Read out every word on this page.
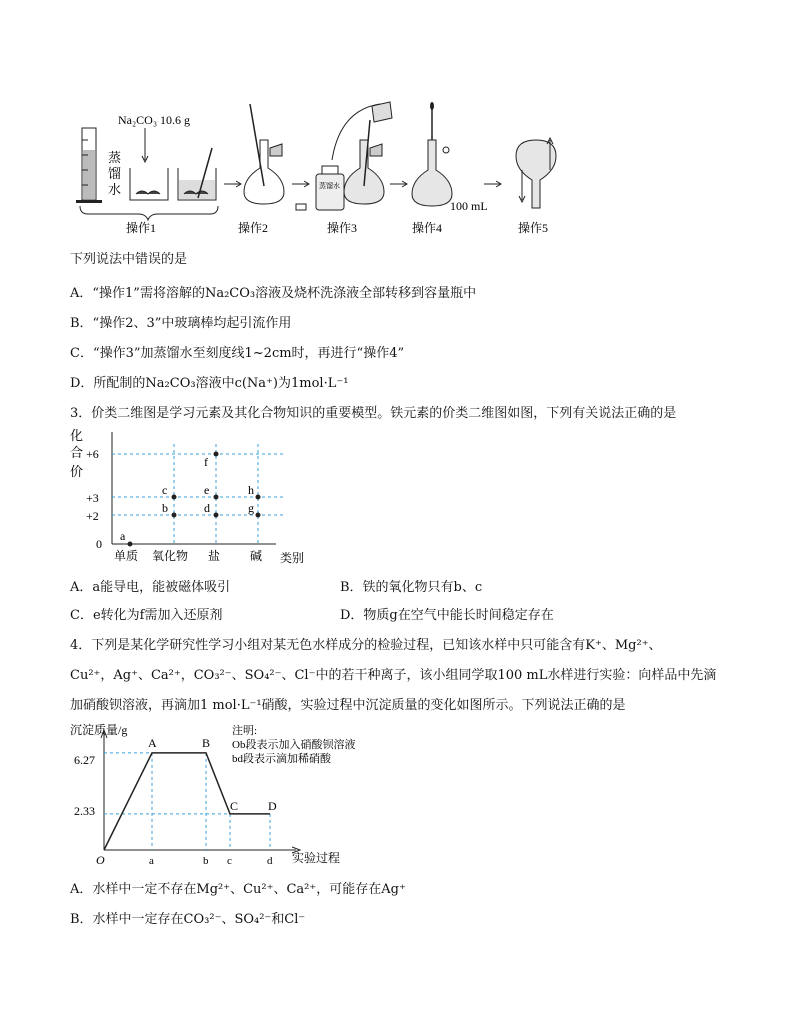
Na₂CO₃ 10.6 g
蒸
馏
水
操作1	操作2
蒸馏水
操作3
100 mL
操作4	操作5
下列说法中错误的是
A．“操作1”需将溶解的Na₂CO₃溶液及烧杯洗涤液全部转移到容量瓶中
B．“操作2、3”中玻璃棒均起引流作用
C．“操作3”加蒸馏水至刻度线1~2cm时，再进行“操作4”
D．所配制的Na₂CO₃溶液中c(Na⁺)为1mol·L⁻¹
3．价类二维图是学习元素及其化合物知识的重要模型。铁元素的价类二维图如图，下列有关说法正确的是
化
合
价
+6
+3
+2
0
a
b
c
d
e
f
g
h
单质 氧化物 盐 碱 类别
A．a能导电，能被磁体吸引	B．铁的氧化物只有b、c
C．e转化为f需加入还原剂	D．物质g在空气中能长时间稳定存在
4．下列是某化学研究性学习小组对某无色水样成分的检验过程，已知该水样中只可能含有K⁺、Mg²⁺、
Cu²⁺，Ag⁺、Ca²⁺，CO₃²⁻、SO₄²⁻、Cl⁻中的若干种离子，该小组同学取100 mL水样进行实验：向样品中先滴
加硝酸钡溶液，再滴加1 mol·L⁻¹硝酸，实验过程中沉淀质量的变化如图所示。下列说法正确的是
沉淀质量/g
实验过程
O
6.27
2.33
a	b c	d
A	B
C D
注明:
Ob段表示加入硝酸钡溶液
bd段表示滴加稀硝酸
A．水样中一定不存在Mg²⁺、Cu²⁺、Ca²⁺，可能存在Ag⁺
B．水样中一定存在CO₃²⁻、SO₄²⁻和Cl⁻
